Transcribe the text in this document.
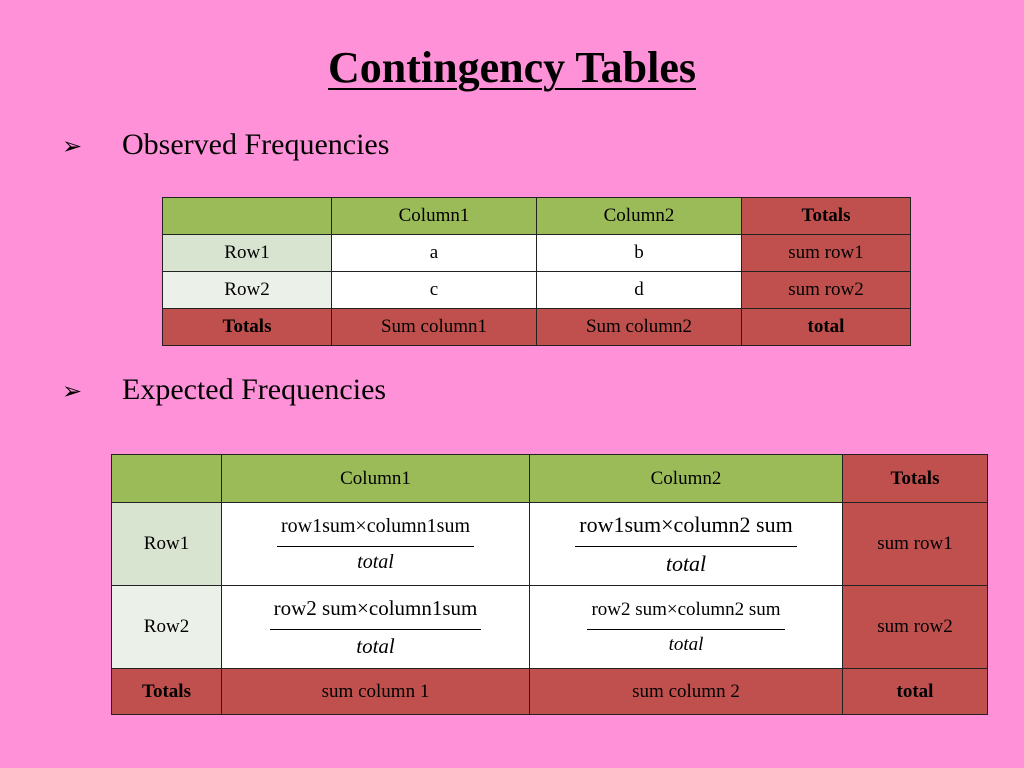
Contingency Tables
➢ Observed Frequencies
	Column1	Column2	Totals
Row1	a	b	sum row1
Row2	c	d	sum row2
Totals	Sum column1	Sum column2	total
➢ Expected Frequencies
	Column1	Column2	Totals
Row1	$\frac{\text{row1sum×column1sum}}{\text{total}}$	$\frac{\text{row1sum×column2 sum}}{\text{total}}$	sum row1
Row2	$\frac{\text{row2 sum×column1sum}}{\text{total}}$	$\frac{\text{row2 sum×column2 sum}}{\text{total}}$	sum row2
Totals	sum column 1	sum column 2	total
